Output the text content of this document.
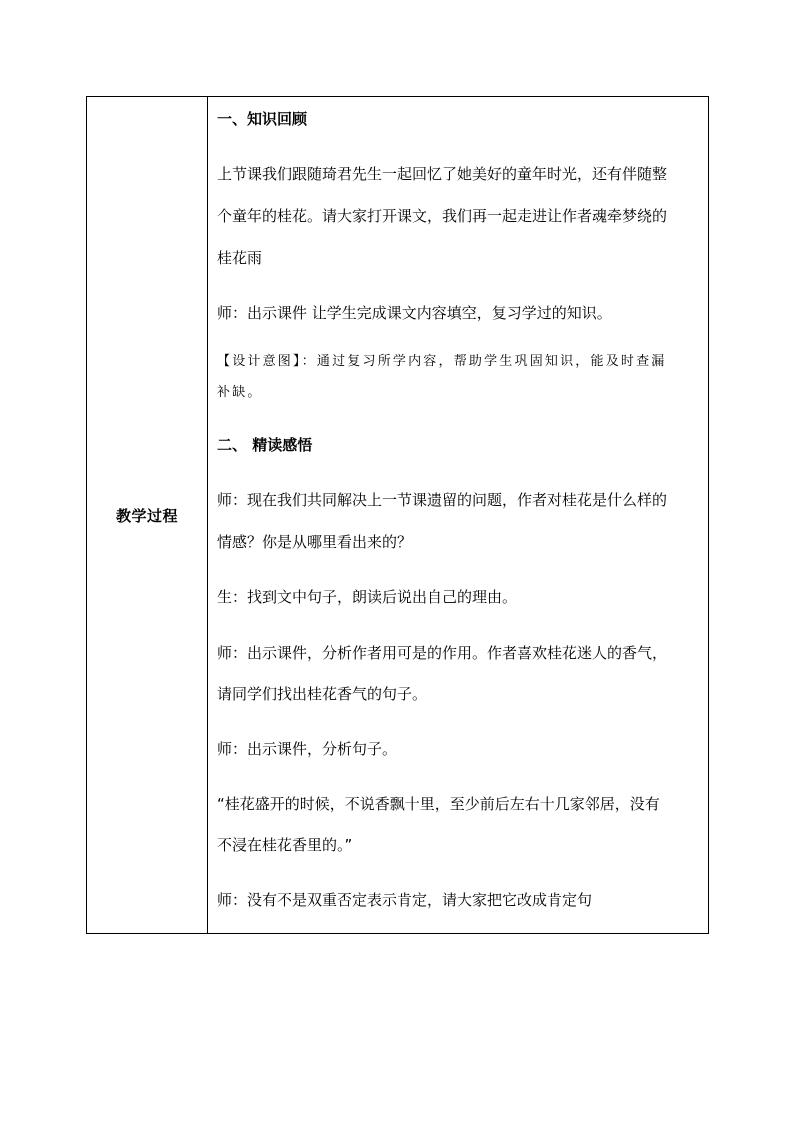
教学过程
一、知识回顾
上节课我们跟随琦君先生一起回忆了她美好的童年时光，还有伴随整
个童年的桂花。请大家打开课文，我们再一起走进让作者魂牵梦绕的
桂花雨
师：出示课件 让学生完成课文内容填空，复习学过的知识。
【设计意图】：通过复习所学内容，帮助学生巩固知识，能及时查漏
补缺。
二、 精读感悟
师：现在我们共同解决上一节课遗留的问题，作者对桂花是什么样的
情感？你是从哪里看出来的？
生：找到文中句子，朗读后说出自己的理由。
师：出示课件，分析作者用可是的作用。作者喜欢桂花迷人的香气，
请同学们找出桂花香气的句子。
师：出示课件，分析句子。
“桂花盛开的时候，不说香飘十里，至少前后左右十几家邻居，没有
不浸在桂花香里的。”
师：没有不是双重否定表示肯定，请大家把它改成肯定句
